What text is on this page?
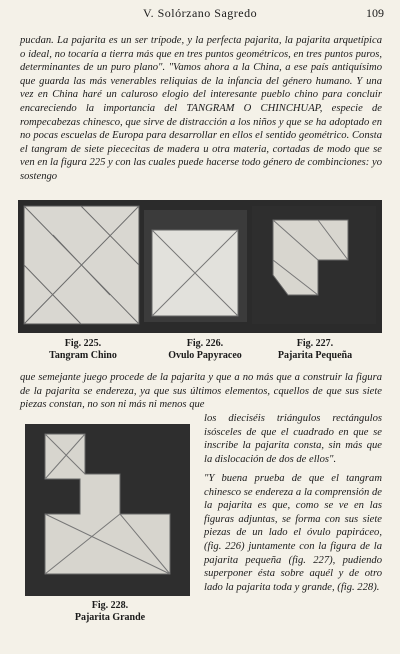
V. Solórzano Sagredo	109
pucdan. La pajarita es un ser trípode, y la perfecta pajarita, la pajarita arquetípica o ideal, no tocaría a tierra más que en tres puntos geométricos, en tres puntos puros, determinantes de un puro plano". "Vamos ahora a la China, a ese país antiquísimo que guarda las más venerables reliquias de la infancia del género humano. Y una vez en China haré un caluroso elogio del interesante pueblo chino para concluir encareciendo la importancia del TANGRAM O CHINCHUAP, especie de rompecabezas chinesco, que sirve de distracción a los niños y que se ha adoptado en no pocas escuelas de Europa para desarrollar en ellos el sentido geométrico. Consta el tangram de siete piececitas de madera u otra materia, cortadas de modo que se ven en la figura 225 y con las cuales puede hacerse todo género de combinciones: yo sostengo
Fig. 225.
Tangram Chino
Fig. 226.
Ovulo Papyraceo
Fig. 227.
Pajarita Pequeña
que semejante juego procede de la pajarita y que a no más que a construir la figura de la pajarita se endereza, ya que sus últimos elementos, cquellos de que sus siete piezas constan, no son ni más ni menos que
Fig. 228.
Pajarita Grande
los dieciséis triángulos rectángulos isósceles de que el cuadrado en que se inscribe la pajarita consta, sin más que la dislocación de dos de ellos".
"Y buena prueba de que el tangram chinesco se endereza a la comprensión de la pajarita es que, como se ve en las figuras adjuntas, se forma con sus siete piezas de un lado el óvulo papiráceo, (fig. 226) juntamente con la figura de la pajarita pequeña (fig. 227), pudiendo superponer ésta sobre aquél y de otro lado la pajarita toda y grande, (fig. 228).
